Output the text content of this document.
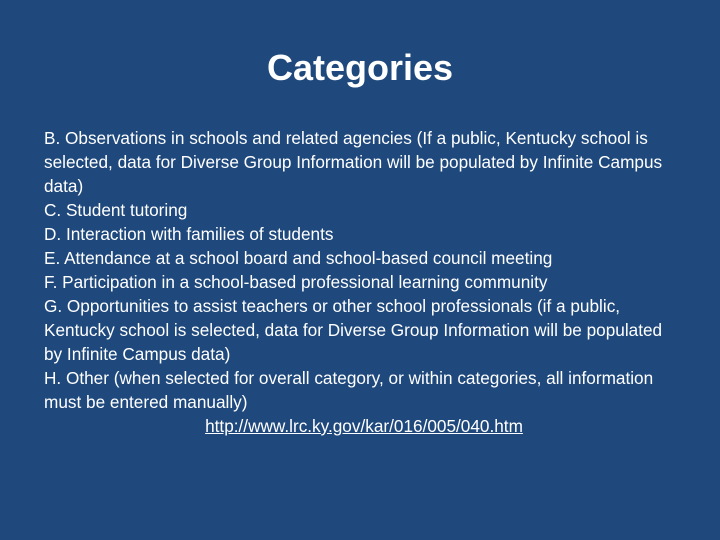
Categories

B. Observations in schools and related agencies (If a public, Kentucky school is selected, data for Diverse Group Information will be populated by Infinite Campus data)

C. Student tutoring

D. Interaction with families of students

E. Attendance at a school board and school-based council meeting

F. Participation in a school-based professional learning community

G. Opportunities to assist teachers or other school professionals (if a public, Kentucky school is selected, data for Diverse Group Information will be populated by Infinite Campus data)

H. Other (when selected for overall category, or within categories, all information must be entered manually)

http://www.lrc.ky.gov/kar/016/005/040.htm
